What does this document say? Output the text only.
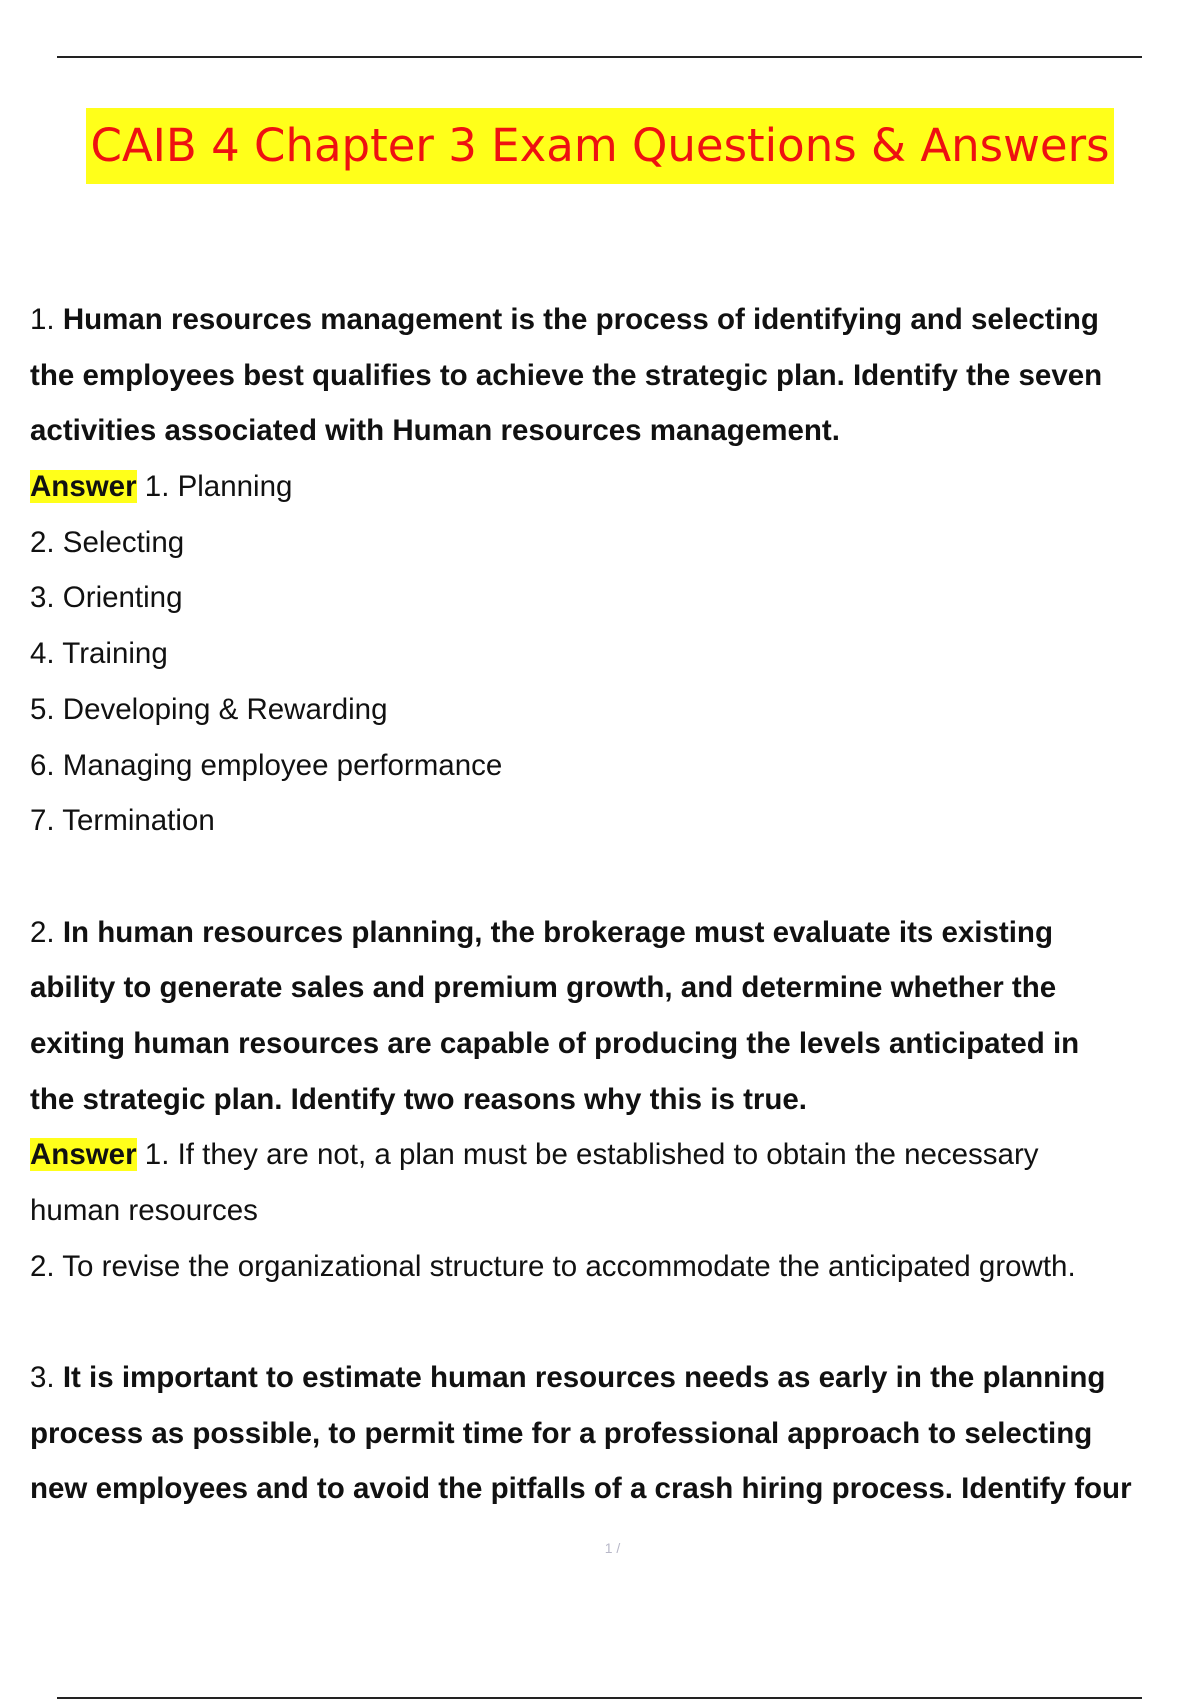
CAIB 4 Chapter 3 Exam Questions & Answers
1. Human resources management is the process of identifying and selecting
the employees best qualifies to achieve the strategic plan. Identify the seven
activities associated with Human resources management.
Answer 1. Planning
2. Selecting
3. Orienting
4. Training
5. Developing & Rewarding
6. Managing employee performance
7. Termination
2. In human resources planning, the brokerage must evaluate its existing
ability to generate sales and premium growth, and determine whether the
exiting human resources are capable of producing the levels anticipated in
the strategic plan. Identify two reasons why this is true.
Answer 1. If they are not, a plan must be established to obtain the necessary
human resources
2. To revise the organizational structure to accommodate the anticipated growth.
3. It is important to estimate human resources needs as early in the planning
process as possible, to permit time for a professional approach to selecting
new employees and to avoid the pitfalls of a crash hiring process. Identify four
1 /
